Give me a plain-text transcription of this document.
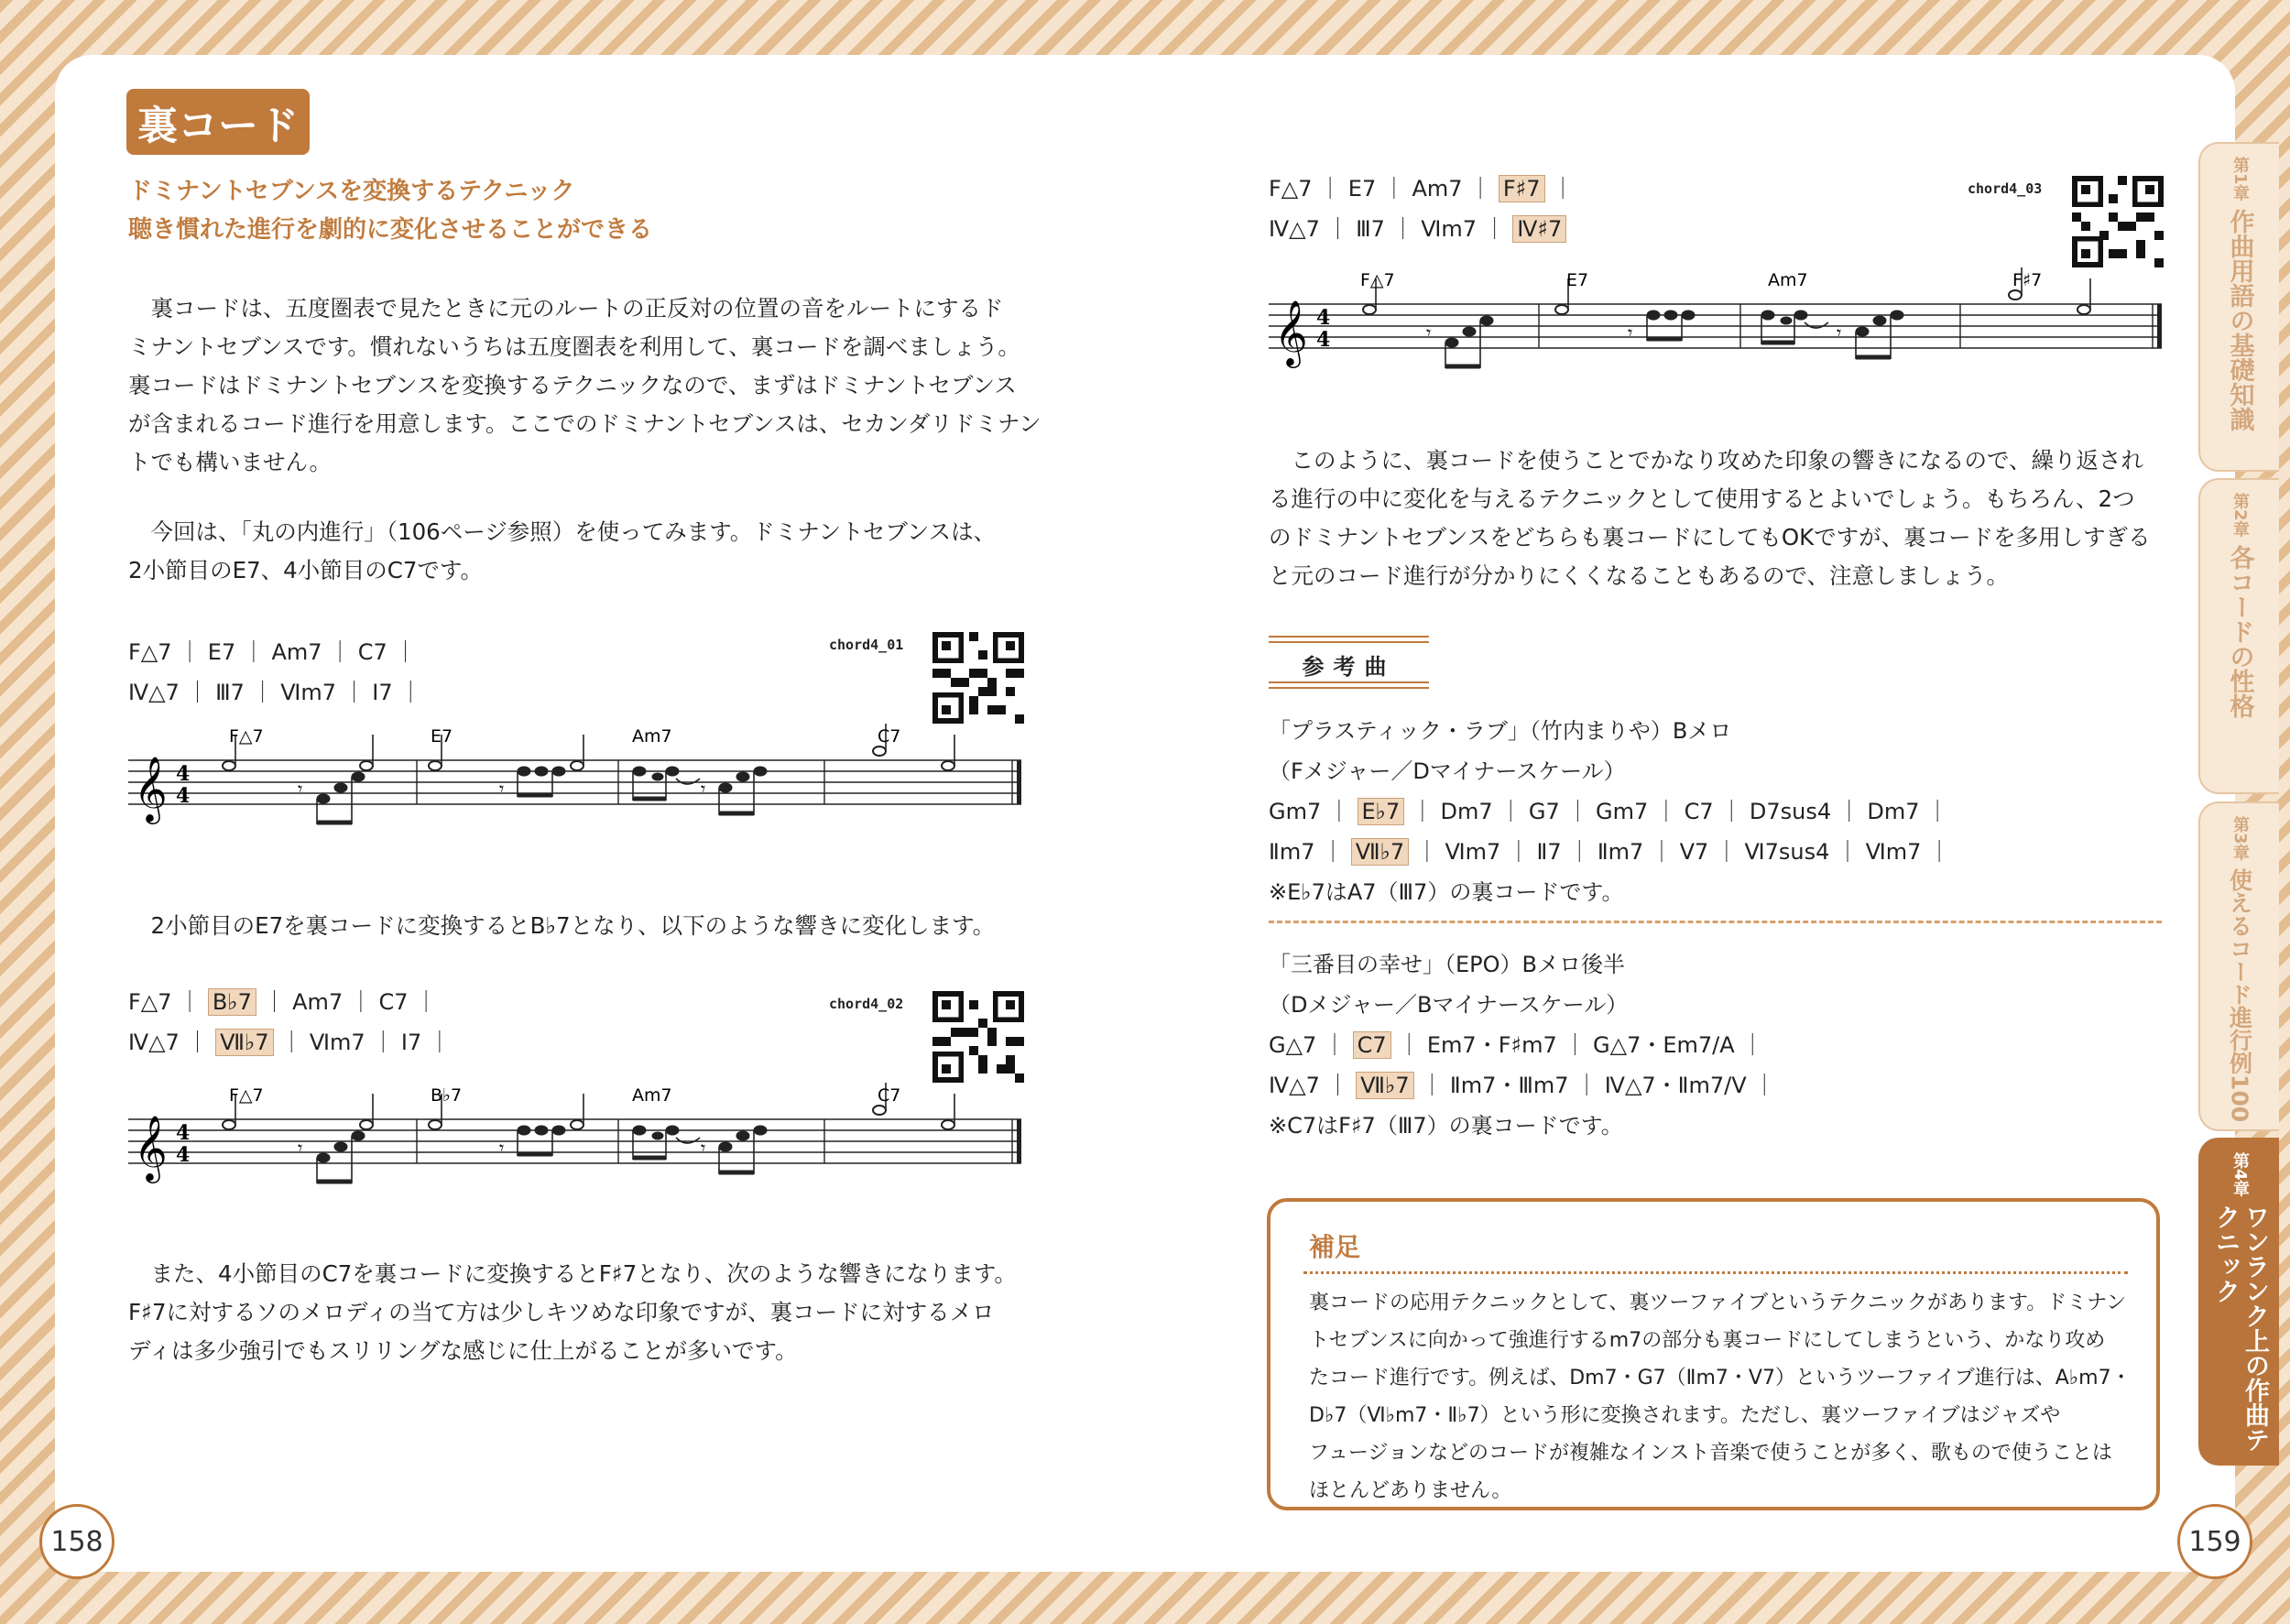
裏コード
ドミナントセブンスを変換するテクニック
聴き慣れた進行を劇的に変化させることができる
　裏コードは、五度圏表で見たときに元のルートの正反対の位置の音をルートにするド
ミナントセブンスです。慣れないうちは五度圏表を利用して、裏コードを調べましょう。
裏コードはドミナントセブンスを変換するテクニックなので、まずはドミナントセブンス
が含まれるコード進行を用意します。ここでのドミナントセブンスは、セカンダリドミナン
トでも構いません。
　今回は、「丸の内進行」（106ページ参照）を使ってみます。ドミナントセブンスは、
2小節目のE7、4小節目のC7です。
F△7 ｜ E7 ｜ Am7 ｜ C7 ｜
Ⅳ△7 ｜ Ⅲ7 ｜ Ⅵm7 ｜ Ⅰ7 ｜
chord4_01
𝄞 4
4	𝄾	𝄾	𝄾
F△7	E7	Am7	C7
　2小節目のE7を裏コードに変換するとB♭7となり、以下のような響きに変化します。
F△7 ｜ B♭7 ｜ Am7 ｜ C7 ｜
Ⅳ△7 ｜ Ⅶ♭7 ｜ Ⅵm7 ｜ Ⅰ7 ｜
chord4_02
𝄞 4
4	𝄾	𝄾	𝄾
F△7	B♭7	Am7	C7
　また、4小節目のC7を裏コードに変換するとF♯7となり、次のような響きになります。
F♯7に対するソのメロディの当て方は少しキツめな印象ですが、裏コードに対するメロ
ディは多少強引でもスリリングな感じに仕上がることが多いです。
F△7 ｜ E7 ｜ Am7 ｜ F♯7 ｜
Ⅳ△7 ｜ Ⅲ7 ｜ Ⅵm7 ｜ Ⅳ♯7
chord4_03
𝄞 4
4	𝄾	𝄾	𝄾
F△7	E7	Am7	F♯7
　このように、裏コードを使うことでかなり攻めた印象の響きになるので、繰り返され
る進行の中に変化を与えるテクニックとして使用するとよいでしょう。もちろん、2つ
のドミナントセブンスをどちらも裏コードにしてもOKですが、裏コードを多用しすぎる
と元のコード進行が分かりにくくなることもあるので、注意しましょう。
参考曲
「プラスティック・ラブ」（竹内まりや）Bメロ
（Fメジャー／Dマイナースケール）
Gm7 ｜ E♭7 ｜ Dm7 ｜ G7 ｜ Gm7 ｜ C7 ｜ D7sus4 ｜ Dm7 ｜
Ⅱm7 ｜ Ⅶ♭7 ｜ Ⅵm7 ｜ Ⅱ7 ｜ Ⅱm7 ｜ Ⅴ7 ｜ Ⅵ7sus4 ｜ Ⅵm7 ｜
※E♭7はA7（Ⅲ7）の裏コードです。
「三番目の幸せ」（EPO）Bメロ後半
（Dメジャー／Bマイナースケール）
G△7 ｜ C7 ｜ Em7・F♯m7 ｜ G△7・Em7/A ｜
Ⅳ△7 ｜ Ⅶ♭7 ｜ Ⅱm7・Ⅲm7 ｜ Ⅳ△7・Ⅱm7/Ⅴ ｜
※C7はF♯7（Ⅲ7）の裏コードです。
補足
裏コードの応用テクニックとして、裏ツーファイブというテクニックがあります。ドミナン
トセブンスに向かって強進行するm7の部分も裏コードにしてしまうという、かなり攻め
たコード進行です。例えば、Dm7・G7（Ⅱm7・Ⅴ7）というツーファイブ進行は、A♭m7・
D♭7（Ⅵ♭m7・Ⅱ♭7）という形に変換されます。ただし、裏ツーファイブはジャズや
フュージョンなどのコードが複雑なインスト音楽で使うことが多く、歌もので使うことは
ほとんどありません。
158	159
第1章
作曲用語の基礎知識
第2章
各コードの性格
第3章
使えるコード進行例100
第4章
ワンランク上の作曲テクニック
